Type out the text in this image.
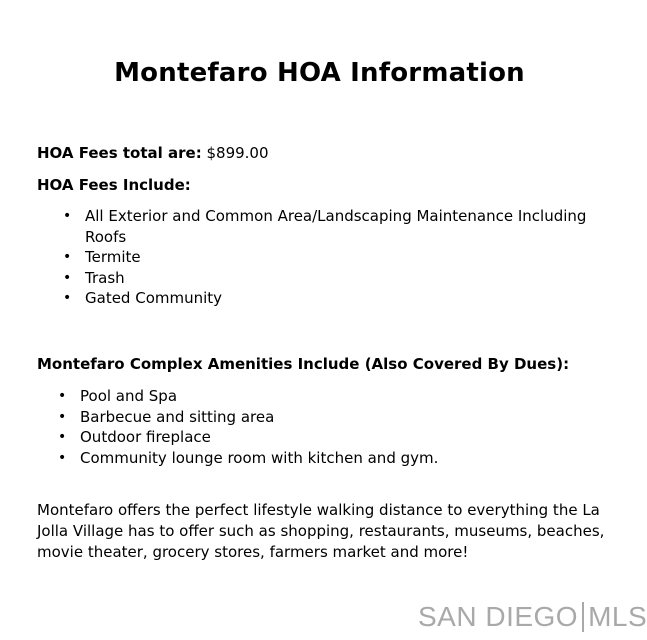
Montefaro HOA Information
HOA Fees total are: $899.00
HOA Fees Include:
• All Exterior and Common Area/Landscaping Maintenance Including Roofs
• Termite
• Trash
• Gated Community
Montefaro Complex Amenities Include (Also Covered By Dues):
• Pool and Spa
• Barbecue and sitting area
• Outdoor fireplace
• Community lounge room with kitchen and gym.
Montefaro offers the perfect lifestyle walking distance to everything the La Jolla Village has to offer such as shopping, restaurants, museums, beaches, movie theater, grocery stores, farmers market and more!
SAN DIEGO MLS
